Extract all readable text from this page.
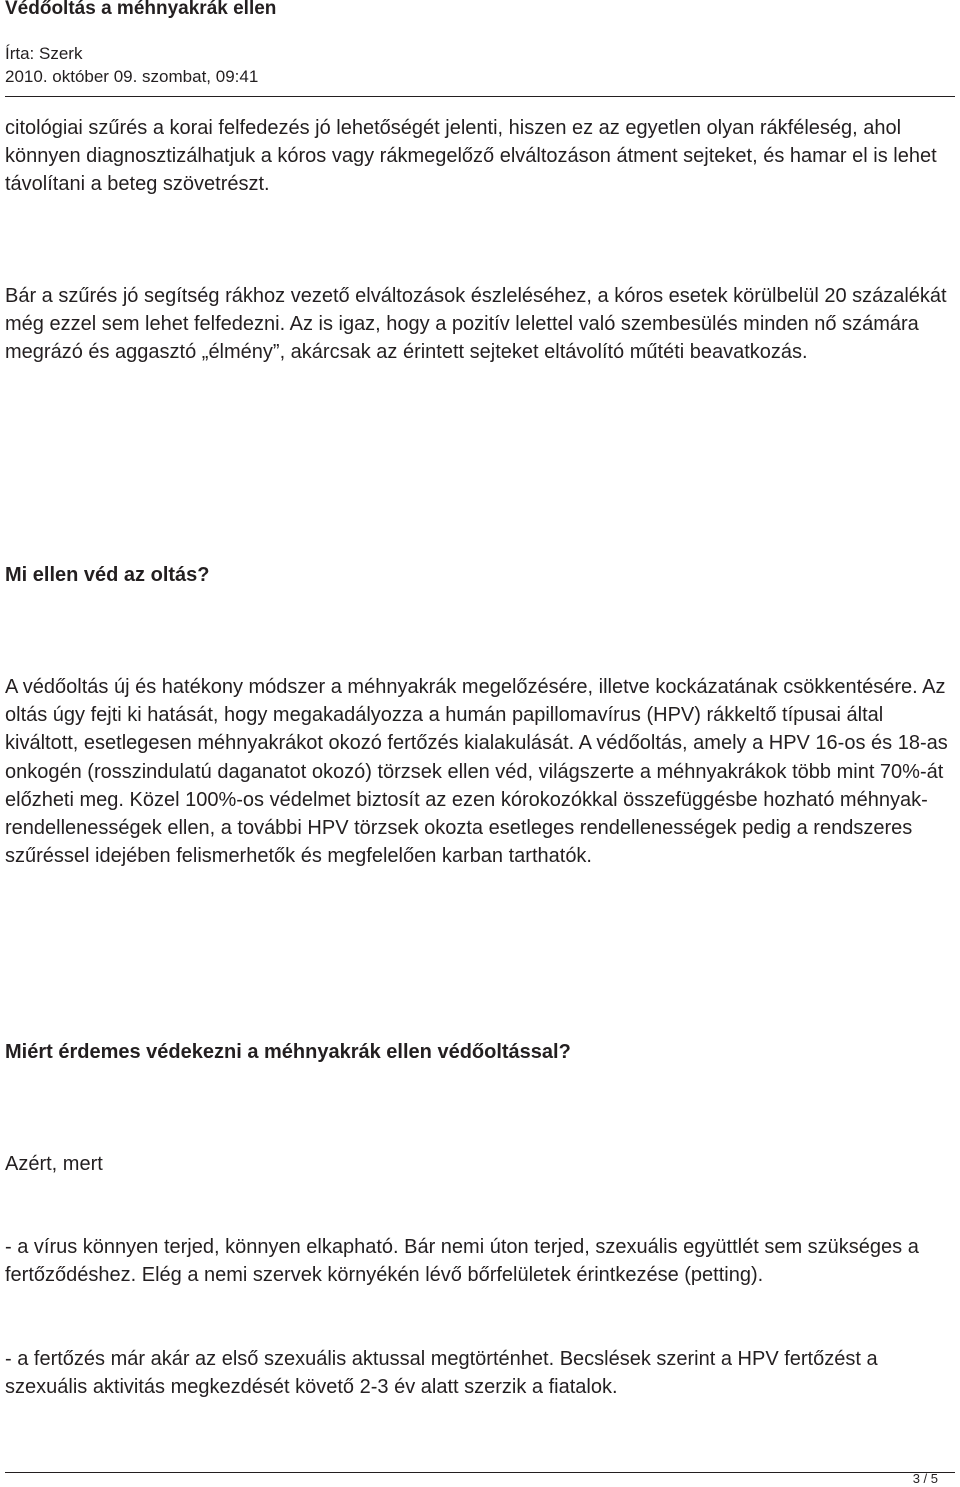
Védőoltás a méhnyakrák ellen
Írta: Szerk
2010. október 09. szombat, 09:41

citológiai szűrés a korai felfedezés jó lehetőségét jelenti, hiszen ez az egyetlen olyan rákféleség, ahol könnyen diagnosztizálhatjuk a kóros vagy rákmegelőző elváltozáson átment sejteket, és hamar el is lehet távolítani a beteg szövetrészt.

Bár a szűrés jó segítség rákhoz vezető elváltozások észleléséhez, a kóros esetek körülbelül 20 százalékát még ezzel sem lehet felfedezni. Az is igaz, hogy a pozitív lelettel való szembesülés minden nő számára megrázó és aggasztó „élmény”, akárcsak az érintett sejteket eltávolító műtéti beavatkozás.

Mi ellen véd az oltás?

A védőoltás új és hatékony módszer a méhnyakrák megelőzésére, illetve kockázatának csökkentésére. Az oltás úgy fejti ki hatását, hogy megakadályozza a humán papillomavírus (HPV) rákkeltő típusai által kiváltott, esetlegesen méhnyakrákot okozó fertőzés kialakulását. A védőoltás, amely a HPV 16-os és 18-as onkogén (rosszindulatú daganatot okozó) törzsek ellen véd, világszerte a méhnyakrákok több mint 70%-át előzheti meg. Közel 100%-os védelmet biztosít az ezen kórokozókkal összefüggésbe hozható méhnyak-rendellenességek ellen, a további HPV törzsek okozta esetleges rendellenességek pedig a rendszeres szűréssel idejében felismerhetők és megfelelően karban tarthatók.

Miért érdemes védekezni a méhnyakrák ellen védőoltással?

Azért, mert

- a vírus könnyen terjed, könnyen elkapható. Bár nemi úton terjed, szexuális együttlét sem szükséges a fertőződéshez. Elég a nemi szervek környékén lévő bőrfelületek érintkezése (petting).

- a fertőzés már akár az első szexuális aktussal megtörténhet. Becslések szerint a HPV fertőzést a szexuális aktivitás megkezdését követő 2-3 év alatt szerzik a fiatalok.

3 / 5
